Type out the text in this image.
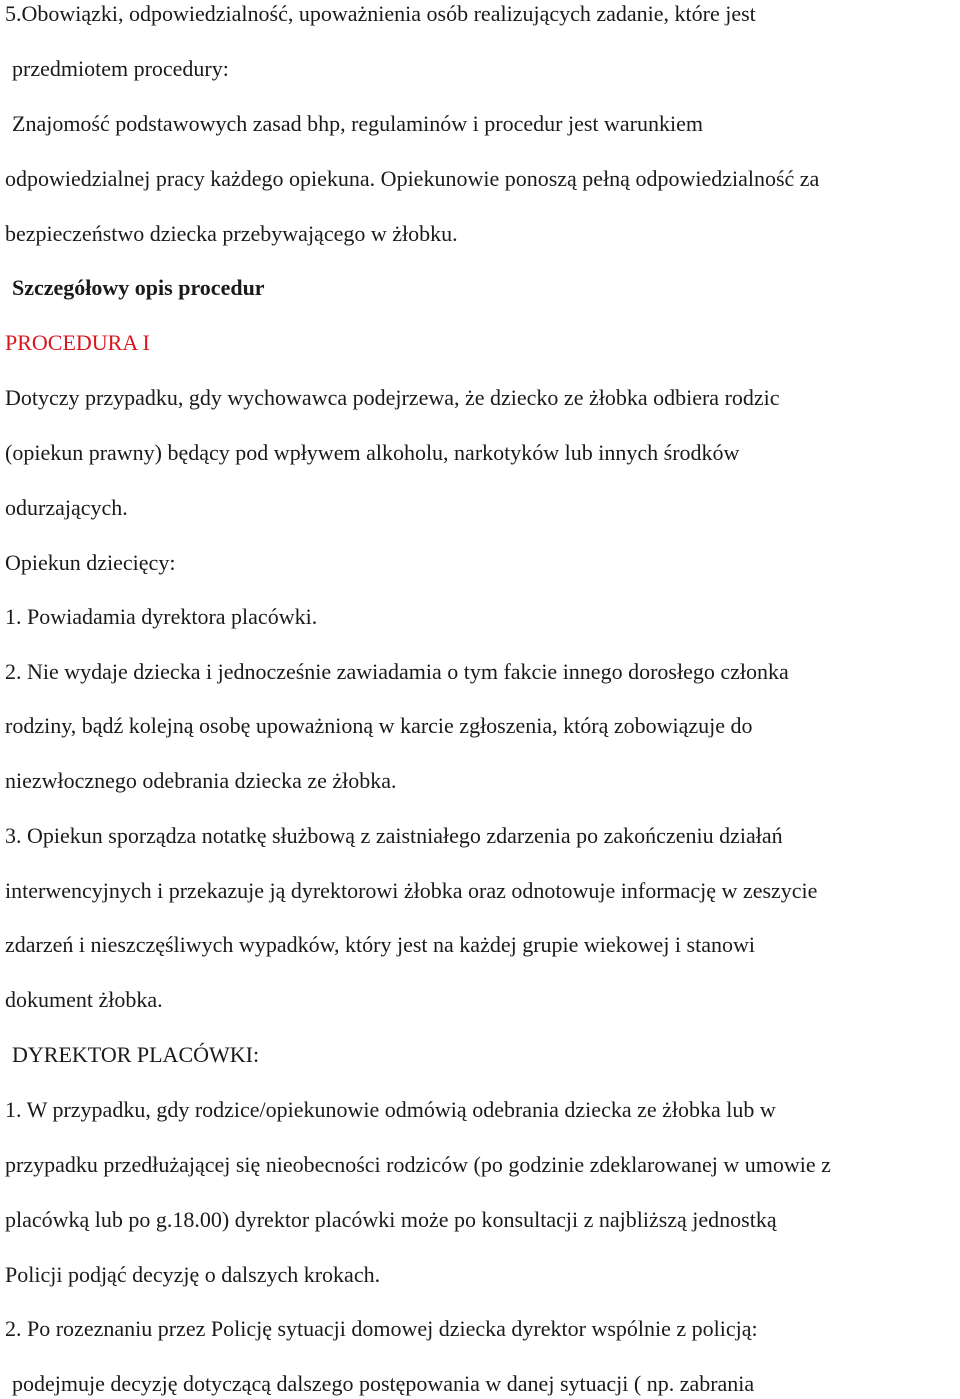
5.Obowiązki, odpowiedzialność, upoważnienia osób realizujących zadanie, które jest
przedmiotem procedury:
Znajomość podstawowych zasad bhp, regulaminów i procedur jest warunkiem
odpowiedzialnej pracy każdego opiekuna. Opiekunowie ponoszą pełną odpowiedzialność za
bezpieczeństwo dziecka przebywającego w żłobku.
Szczegółowy opis procedur
PROCEDURA I
Dotyczy przypadku, gdy wychowawca podejrzewa, że dziecko ze żłobka odbiera rodzic
(opiekun prawny) będący pod wpływem alkoholu, narkotyków lub innych środków
odurzających.
Opiekun dziecięcy:
1. Powiadamia dyrektora placówki.
2. Nie wydaje dziecka i jednocześnie zawiadamia o tym fakcie innego dorosłego członka
rodziny, bądź kolejną osobę upoważnioną w karcie zgłoszenia, którą zobowiązuje do
niezwłocznego odebrania dziecka ze żłobka.
3. Opiekun sporządza notatkę służbową z zaistniałego zdarzenia po zakończeniu działań
interwencyjnych i przekazuje ją dyrektorowi żłobka oraz odnotowuje informację w zeszycie
zdarzeń i nieszczęśliwych wypadków, który jest na każdej grupie wiekowej i stanowi
dokument żłobka.
DYREKTOR PLACÓWKI:
1. W przypadku, gdy rodzice/opiekunowie odmówią odebrania dziecka ze żłobka lub w
przypadku przedłużającej się nieobecności rodziców (po godzinie zdeklarowanej w umowie z
placówką lub po g.18.00) dyrektor placówki może po konsultacji z najbliższą jednostką
Policji podjąć decyzję o dalszych krokach.
2. Po rozeznaniu przez Policję sytuacji domowej dziecka dyrektor wspólnie z policją:
podejmuje decyzję dotyczącą dalszego postępowania w danej sytuacji ( np. zabrania
